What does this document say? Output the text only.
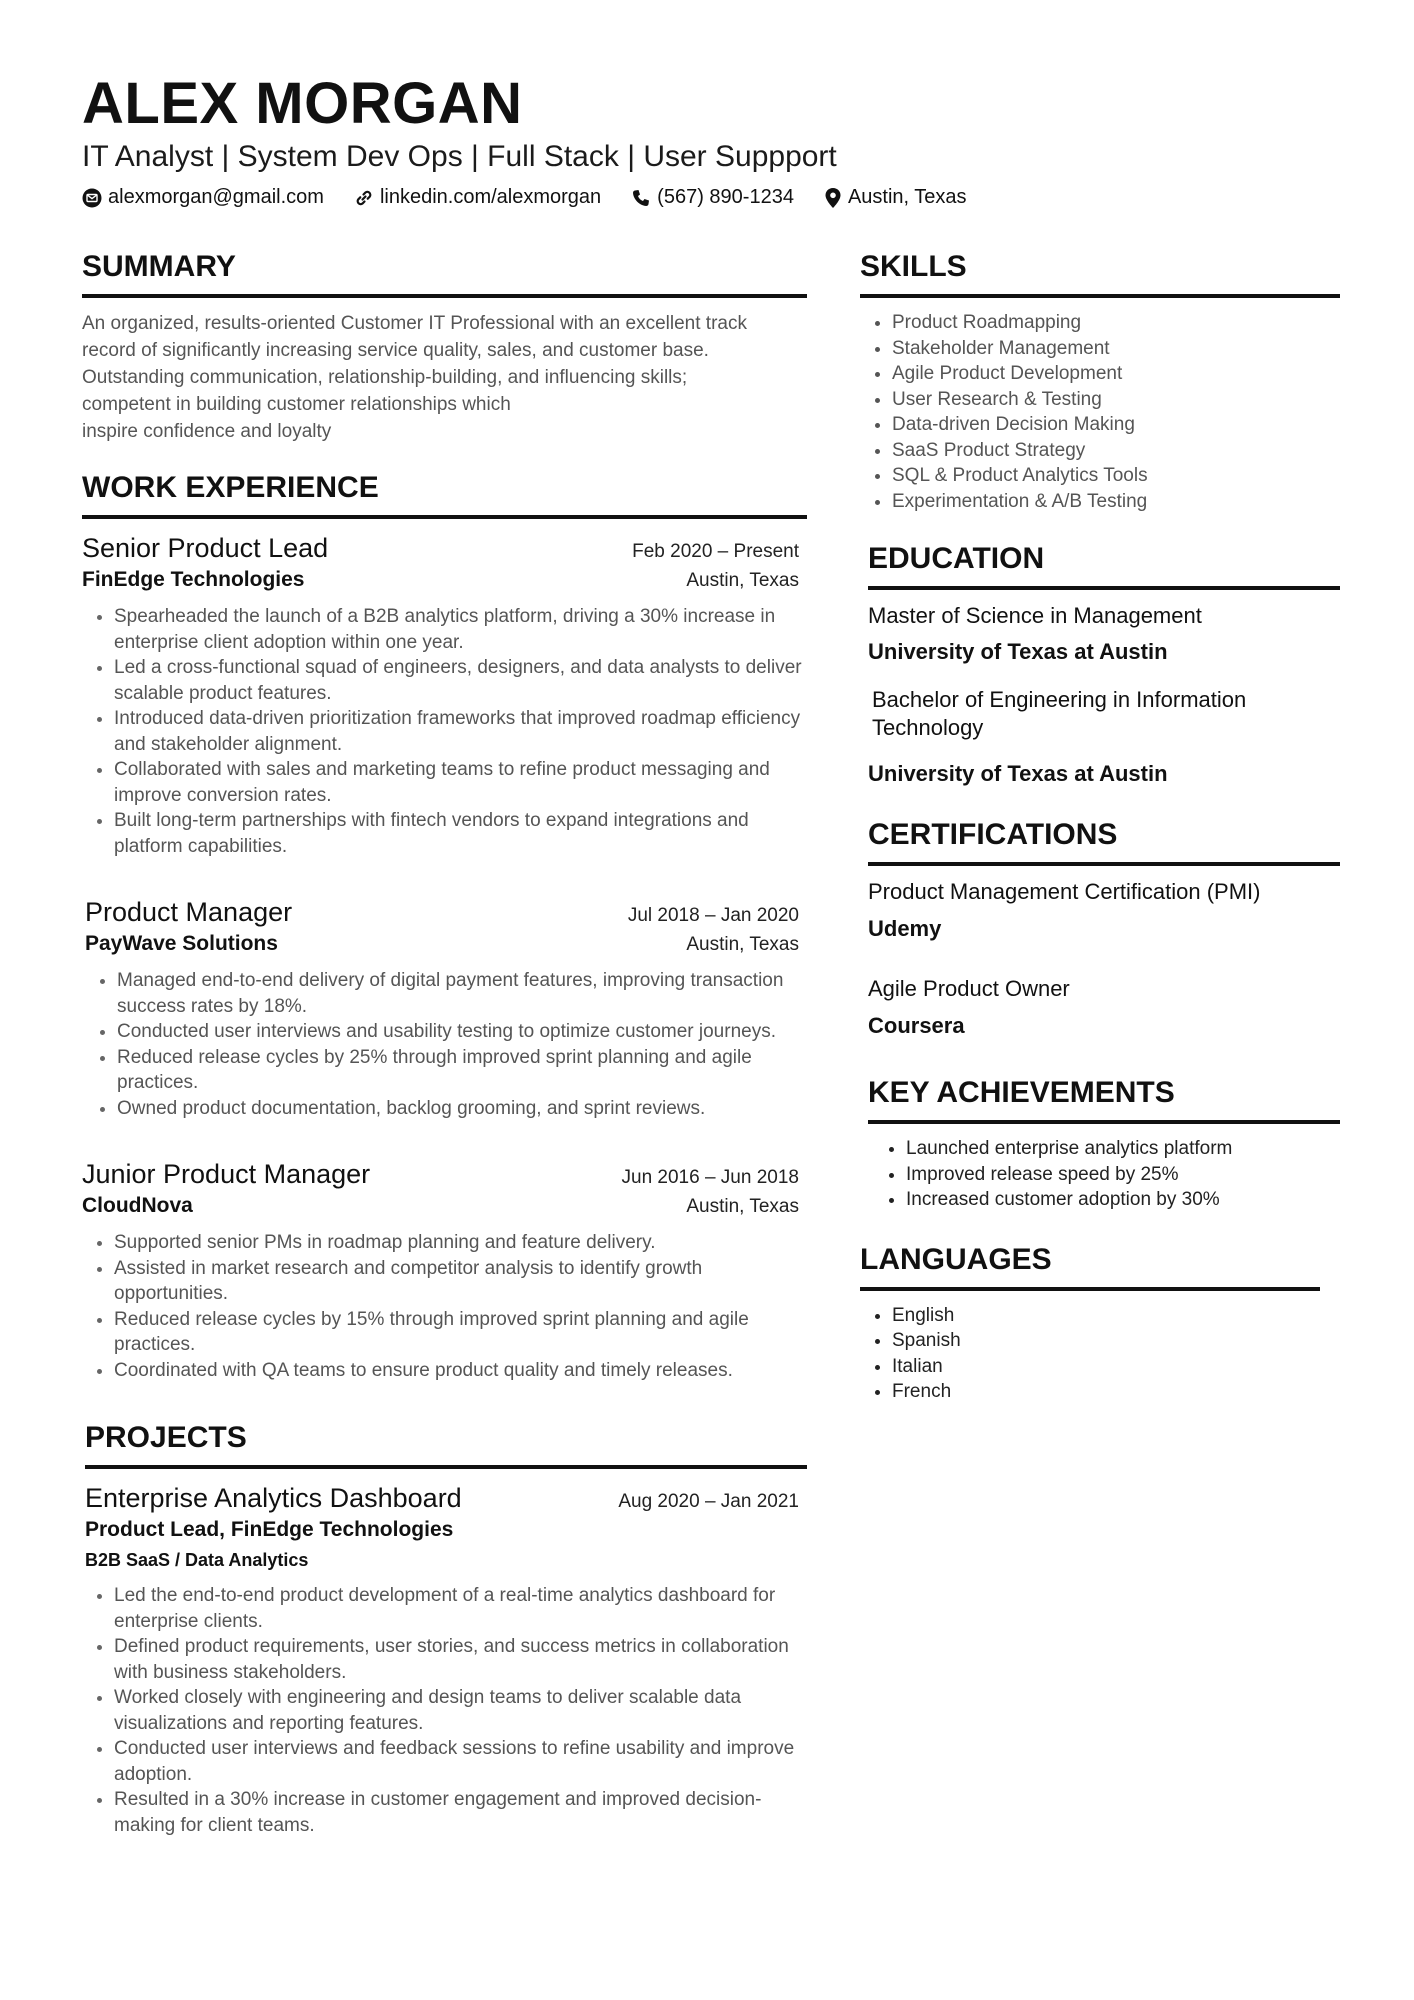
ALEX MORGAN
IT Analyst | System Dev Ops | Full Stack | User Suppport
alexmorgan@gmail.com	linkedin.com/alexmorgan	(567) 890-1234	Austin, Texas
SUMMARY
An organized, results-oriented Customer IT Professional with an excellent track
record of significantly increasing service quality, sales, and customer base.
Outstanding communication, relationship-building, and influencing skills;
competent in building customer relationships which
inspire confidence and loyalty
WORK EXPERIENCE
Senior Product Lead	Feb 2020 – Present
FinEdge Technologies	Austin, Texas
• Spearheaded the launch of a B2B analytics platform, driving a 30% increase in enterprise client adoption within one year.
• Led a cross-functional squad of engineers, designers, and data analysts to deliver scalable product features.
• Introduced data-driven prioritization frameworks that improved roadmap efficiency and stakeholder alignment.
• Collaborated with sales and marketing teams to refine product messaging and improve conversion rates.
• Built long-term partnerships with fintech vendors to expand integrations and platform capabilities.
Product Manager	Jul 2018 – Jan 2020
PayWave Solutions	Austin, Texas
• Managed end-to-end delivery of digital payment features, improving transaction success rates by 18%.
• Conducted user interviews and usability testing to optimize customer journeys.
• Reduced release cycles by 25% through improved sprint planning and agile practices.
• Owned product documentation, backlog grooming, and sprint reviews.
Junior Product Manager	Jun 2016 – Jun 2018
CloudNova	Austin, Texas
• Supported senior PMs in roadmap planning and feature delivery.
• Assisted in market research and competitor analysis to identify growth opportunities.
• Reduced release cycles by 15% through improved sprint planning and agile practices.
• Coordinated with QA teams to ensure product quality and timely releases.
PROJECTS
Enterprise Analytics Dashboard	Aug 2020 – Jan 2021
Product Lead, FinEdge Technologies
B2B SaaS / Data Analytics
• Led the end-to-end product development of a real-time analytics dashboard for enterprise clients.
• Defined product requirements, user stories, and success metrics in collaboration with business stakeholders.
• Worked closely with engineering and design teams to deliver scalable data visualizations and reporting features.
• Conducted user interviews and feedback sessions to refine usability and improve adoption.
• Resulted in a 30% increase in customer engagement and improved decision-making for client teams.
SKILLS
• Product Roadmapping
• Stakeholder Management
• Agile Product Development
• User Research & Testing
• Data-driven Decision Making
• SaaS Product Strategy
• SQL & Product Analytics Tools
• Experimentation & A/B Testing
EDUCATION
Master of Science in Management
University of Texas at Austin
Bachelor of Engineering in Information Technology
University of Texas at Austin
CERTIFICATIONS
Product Management Certification (PMI)
Udemy
Agile Product Owner
Coursera
KEY ACHIEVEMENTS
• Launched enterprise analytics platform
• Improved release speed by 25%
• Increased customer adoption by 30%
LANGUAGES
• English
• Spanish
• Italian
• French
